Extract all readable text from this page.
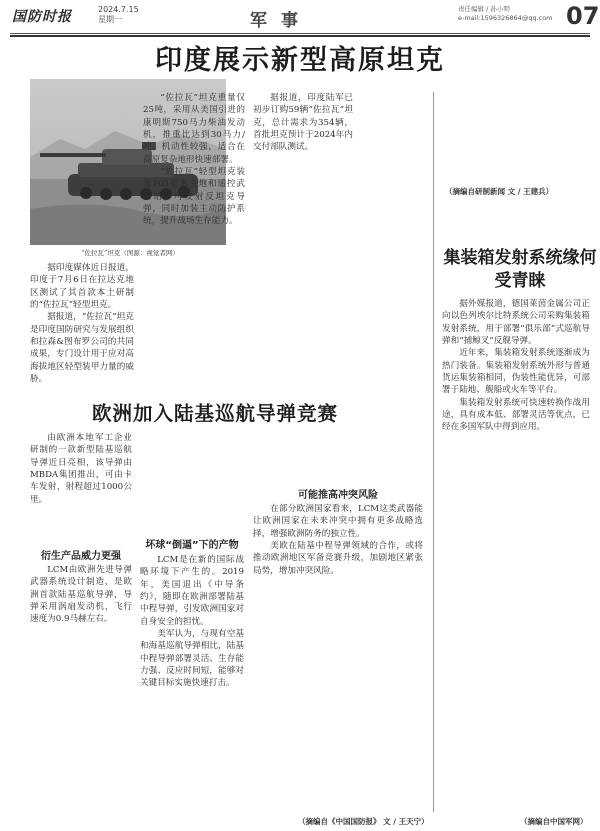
国防时报	2024.7.15
星期一	军 事
责任编辑 / 孙小明
e-mail:1596326864@qq.com 07
印度展示新型高原坦克
“佐拉瓦”坦克（图源：视觉者网）

据印度媒体近日报道，印度于7月6日在拉达克地区测试了其首款本土研制的“佐拉瓦”轻型坦克。

据报道，“佐拉瓦”坦克是印度国防研究与发展组织和拉森&图布罗公司的共同成果，专门设计用于应对高海拔地区轻型装甲力量的威胁。

“佐拉瓦”坦克重量仅25吨，采用从美国引进的康明斯750马力柴油发动机，推重比达到30马力/吨，机动性较强，适合在高原复杂地形快速部署。

“佐拉瓦”轻型坦克装备105毫米主炮和遥控武器站，可发射反坦克导弹，同时加装主动防护系统，提升战场生存能力。

据报道，印度陆军已初步订购59辆“佐拉瓦”坦克，总计需求为354辆，首批坦克预计于2024年内交付部队测试。

（摘编自研制新闻 文 / 王建兵）
欧洲加入陆基巡航导弹竞赛

由欧洲本地军工企业研制的一款新型陆基巡航导弹近日亮相，该导弹由MBDA集团推出，可由卡车发射，射程超过1000公里。

衍生产品威力更强

LCM由欧洲先进导弹武器系统设计制造，是欧洲首款陆基巡航导弹，导弹采用涡扇发动机，飞行速度为0.9马赫左右。

坏球“倒逼”下的产物

LCM是在新的国际战略环境下产生的。2019年，美国退出《中导条约》，随即在欧洲部署陆基中程导弹，引发欧洲国家对自身安全的担忧。

美军认为，与现有空基和海基巡航导弹相比，陆基中程导弹部署灵活、生存能力强、反应时间短，能够对关键目标实施快速打击。

可能推高冲突风险

在部分欧洲国家看来，LCM这类武器能让欧洲国家在未来冲突中拥有更多战略选择，增强欧洲防务的独立性。

美欧在陆基中程导弹领域的合作，或将推动欧洲地区军备竞赛升级，加剧地区紧张局势，增加冲突风险。

（摘编自《中国国防报》 文 / 王天宁）
集装箱发射系统缘何受青睐

据外媒报道，德国莱茵金属公司正向以色列埃尔比特系统公司采购集装箱发射系统，用于部署“俱乐部”式巡航导弹和“捕鲸叉”反舰导弹。

近年来，集装箱发射系统逐渐成为热门装备。集装箱发射系统外形与普通货运集装箱相同，伪装性能优异，可部署于陆地、舰船或火车等平台。

集装箱发射系统可快速转换作战用途，具有成本低、部署灵活等优点，已经在多国军队中得到应用。

（摘编自中国军网）
